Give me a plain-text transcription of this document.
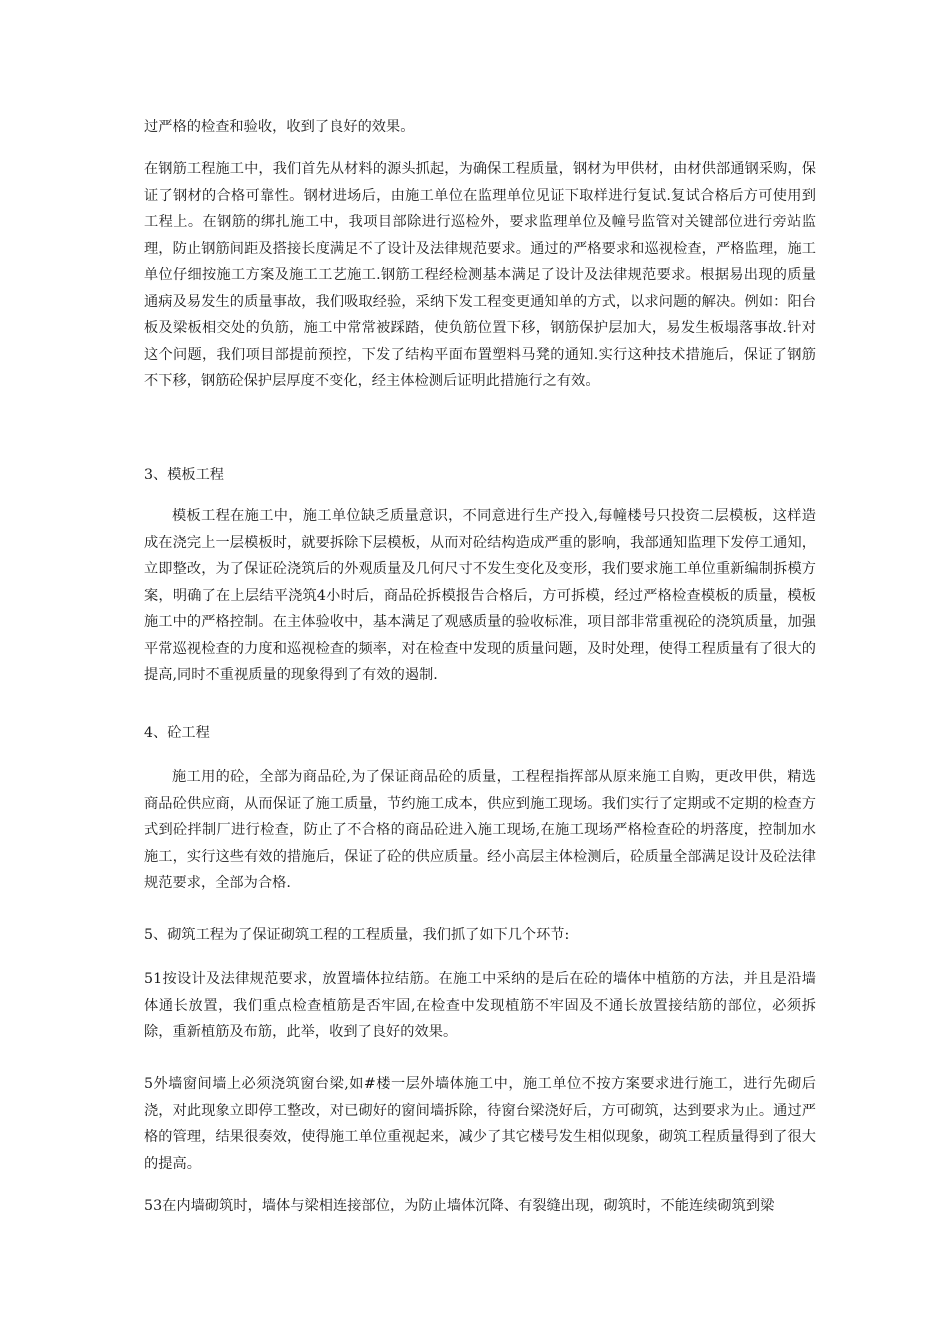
过严格的检查和验收，收到了良好的效果。

在钢筋工程施工中，我们首先从材料的源头抓起，为确保工程质量，钢材为甲供材，由材供部通钢采购，保证了钢材的合格可靠性。钢材进场后，由施工单位在监理单位见证下取样进行复试.复试合格后方可使用到工程上。在钢筋的绑扎施工中，我项目部除进行巡检外，要求监理单位及幢号监管对关键部位进行旁站监理，防止钢筋间距及搭接长度满足不了设计及法律规范要求。通过的严格要求和巡视检查，严格监理，施工单位仔细按施工方案及施工工艺施工.钢筋工程经检测基本满足了设计及法律规范要求。根据易出现的质量通病及易发生的质量事故，我们吸取经验，采纳下发工程变更通知单的方式，以求问题的解决。例如：阳台板及梁板相交处的负筋，施工中常常被踩踏，使负筋位置下移，钢筋保护层加大，易发生板塌落事故.针对这个问题，我们项目部提前预控，下发了结构平面布置塑料马凳的通知.实行这种技术措施后，保证了钢筋不下移，钢筋砼保护层厚度不变化，经主体检测后证明此措施行之有效。

3、模板工程

模板工程在施工中，施工单位缺乏质量意识，不同意进行生产投入,每幢楼号只投资二层模板，这样造成在浇完上一层模板时，就要拆除下层模板，从而对砼结构造成严重的影响，我部通知监理下发停工通知，立即整改，为了保证砼浇筑后的外观质量及几何尺寸不发生变化及变形，我们要求施工单位重新编制拆模方案，明确了在上层结平浇筑4小时后，商品砼拆模报告合格后，方可拆模，经过严格检查模板的质量，模板施工中的严格控制。在主体验收中，基本满足了观感质量的验收标准，项目部非常重视砼的浇筑质量，加强平常巡视检查的力度和巡视检查的频率，对在检查中发现的质量问题，及时处理，使得工程质量有了很大的提高,同时不重视质量的现象得到了有效的遏制.

4、砼工程

施工用的砼，全部为商品砼,为了保证商品砼的质量，工程程指挥部从原来施工自购，更改甲供，精选商品砼供应商，从而保证了施工质量，节约施工成本，供应到施工现场。我们实行了定期或不定期的检查方式到砼拌制厂进行检查，防止了不合格的商品砼进入施工现场,在施工现场严格检查砼的坍落度，控制加水施工，实行这些有效的措施后，保证了砼的供应质量。经小高层主体检测后，砼质量全部满足设计及砼法律规范要求，全部为合格.

5、砌筑工程为了保证砌筑工程的工程质量，我们抓了如下几个环节:

51按设计及法律规范要求，放置墙体拉结筋。在施工中采纳的是后在砼的墙体中植筋的方法，并且是沿墙体通长放置，我们重点检查植筋是否牢固,在检查中发现植筋不牢固及不通长放置接结筋的部位，必须拆除，重新植筋及布筋，此举，收到了良好的效果。

5外墙窗间墙上必须浇筑窗台梁,如#楼一层外墙体施工中，施工单位不按方案要求进行施工，进行先砌后浇，对此现象立即停工整改，对已砌好的窗间墙拆除，待窗台梁浇好后，方可砌筑，达到要求为止。通过严格的管理，结果很奏效，使得施工单位重视起来，减少了其它楼号发生相似现象，砌筑工程质量得到了很大的提高。

53在内墙砌筑时，墙体与梁相连接部位，为防止墙体沉降、有裂缝出现，砌筑时，不能连续砌筑到梁
